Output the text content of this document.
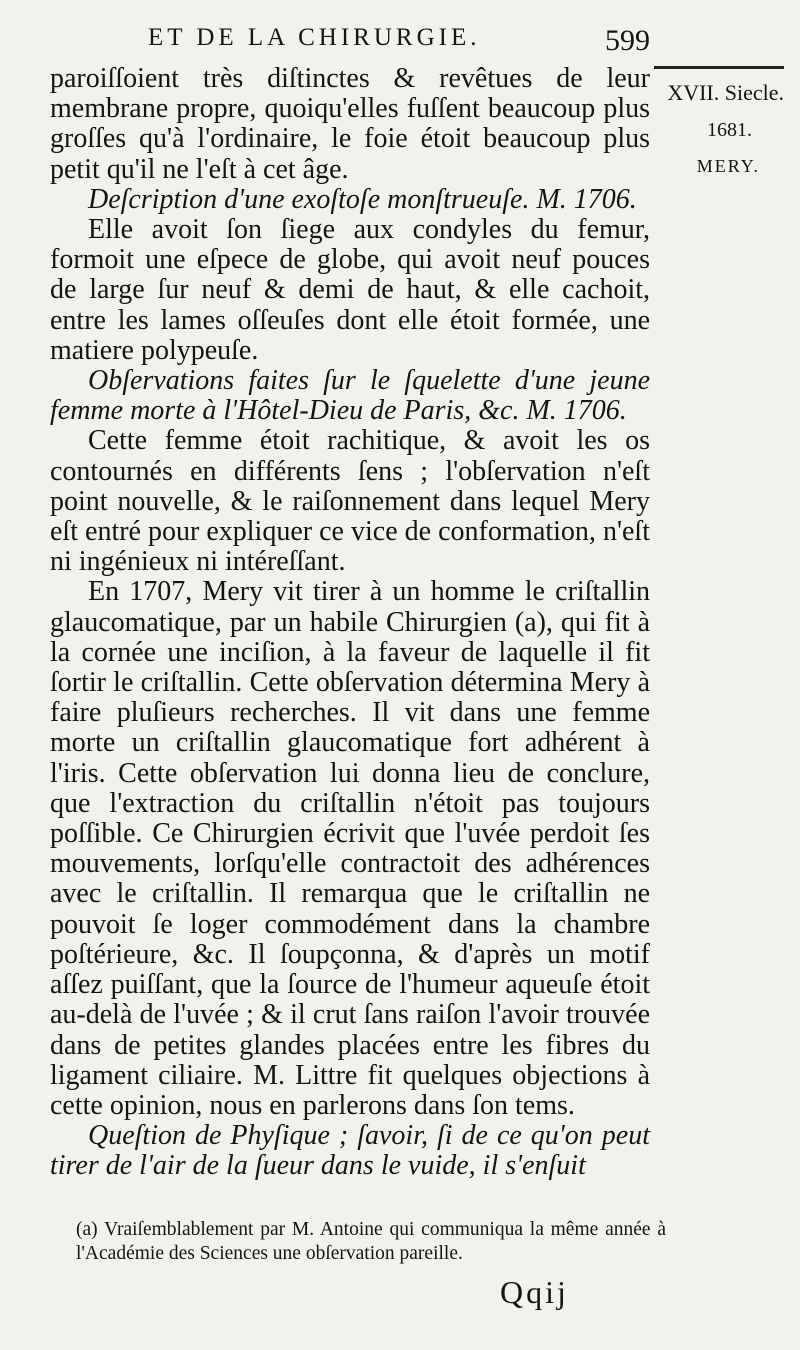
ET DE LA CHIRURGIE.	599
XVII. Siecle.
1681.
MERY.

paroiſſoient très diſtinctes & revêtues de leur membrane propre, quoiqu'elles fuſſent beaucoup plus groſſes qu'à l'ordinaire, le foie étoit beaucoup plus petit qu'il ne l'eſt à cet âge.

Deſcription d'une exoſtoſe monſtrueuſe. M. 1706.

Elle avoit ſon ſiege aux condyles du femur, formoit une eſpece de globe, qui avoit neuf pouces de large ſur neuf & demi de haut, & elle cachoit, entre les lames oſſeuſes dont elle étoit formée, une matiere polypeuſe.

Obſervations faites ſur le ſquelette d'une jeune femme morte à l'Hôtel-Dieu de Paris, &c. M. 1706.

Cette femme étoit rachitique, & avoit les os contournés en différents ſens ; l'obſervation n'eſt point nouvelle, & le raiſonnement dans lequel Mery eſt entré pour expliquer ce vice de conformation, n'eſt ni ingénieux ni intéreſſant.

En 1707, Mery vit tirer à un homme le criſtallin glaucomatique, par un habile Chirurgien (a), qui fit à la cornée une inciſion, à la faveur de laquelle il fit ſortir le criſtallin. Cette obſervation détermina Mery à faire pluſieurs recherches. Il vit dans une femme morte un criſtallin glaucomatique fort adhérent à l'iris. Cette obſervation lui donna lieu de conclure, que l'extraction du criſtallin n'étoit pas toujours poſſible. Ce Chirurgien écrivit que l'uvée perdoit ſes mouvements, lorſqu'elle contractoit des adhérences avec le criſtallin. Il remarqua que le criſtallin ne pouvoit ſe loger commodément dans la chambre poſtérieure, &c. Il ſoupçonna, & d'après un motif aſſez puiſſant, que la ſource de l'humeur aqueuſe étoit au-delà de l'uvée ; & il crut ſans raiſon l'avoir trouvée dans de petites glandes placées entre les fibres du ligament ciliaire. M. Littre fit quelques objections à cette opinion, nous en parlerons dans ſon tems.

Queſtion de Phyſique ; ſavoir, ſi de ce qu'on peut tirer de l'air de la ſueur dans le vuide, il s'enſuit

(a) Vraiſemblablement par M. Antoine qui communiqua la même année à l'Académie des Sciences une obſervation pareille.
Qqij
